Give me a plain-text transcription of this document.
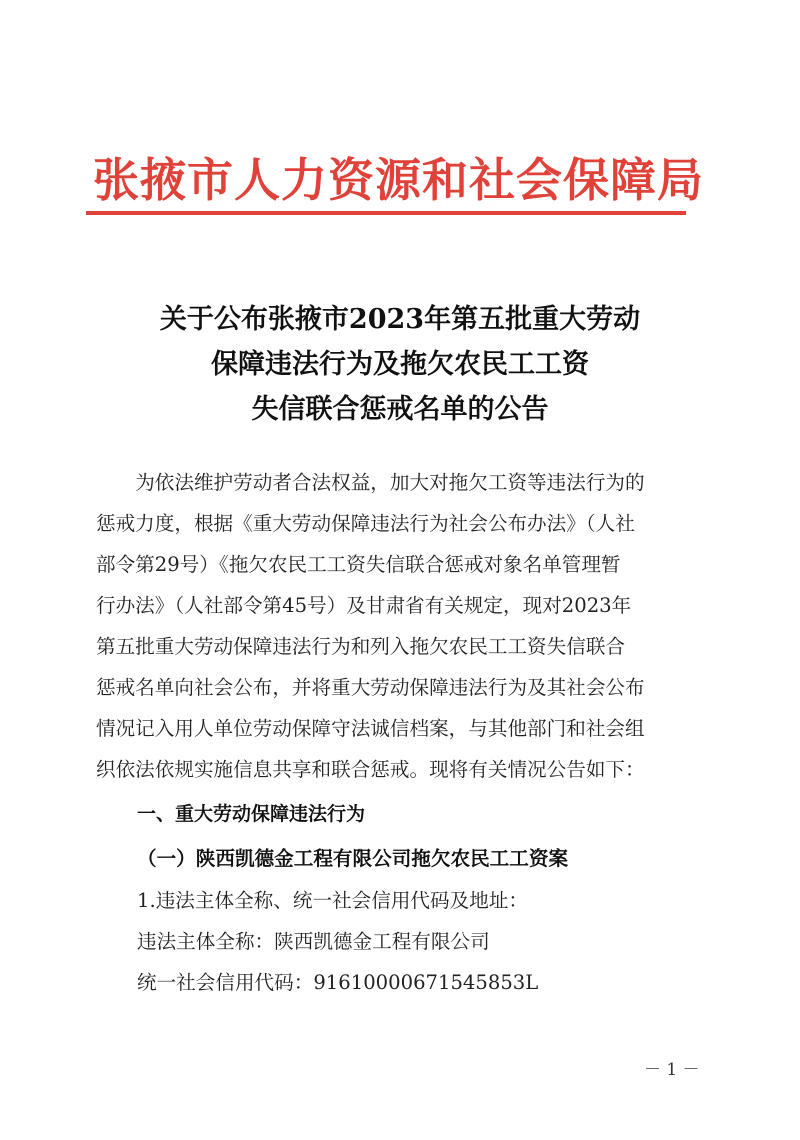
张掖市人力资源和社会保障局
关于公布张掖市2023年第五批重大劳动
保障违法行为及拖欠农民工工资
失信联合惩戒名单的公告
为依法维护劳动者合法权益，加大对拖欠工资等违法行为的
惩戒力度，根据《重大劳动保障违法行为社会公布办法》（人社
部令第29号）《拖欠农民工工资失信联合惩戒对象名单管理暂
行办法》（人社部令第45号）及甘肃省有关规定，现对2023年
第五批重大劳动保障违法行为和列入拖欠农民工工资失信联合
惩戒名单向社会公布，并将重大劳动保障违法行为及其社会公布
情况记入用人单位劳动保障守法诚信档案，与其他部门和社会组
织依法依规实施信息共享和联合惩戒。现将有关情况公告如下：
一、重大劳动保障违法行为
（一）陕西凯德金工程有限公司拖欠农民工工资案
1.违法主体全称、统一社会信用代码及地址：
违法主体全称：陕西凯德金工程有限公司
统一社会信用代码：91610000671545853L
－ 1 －
